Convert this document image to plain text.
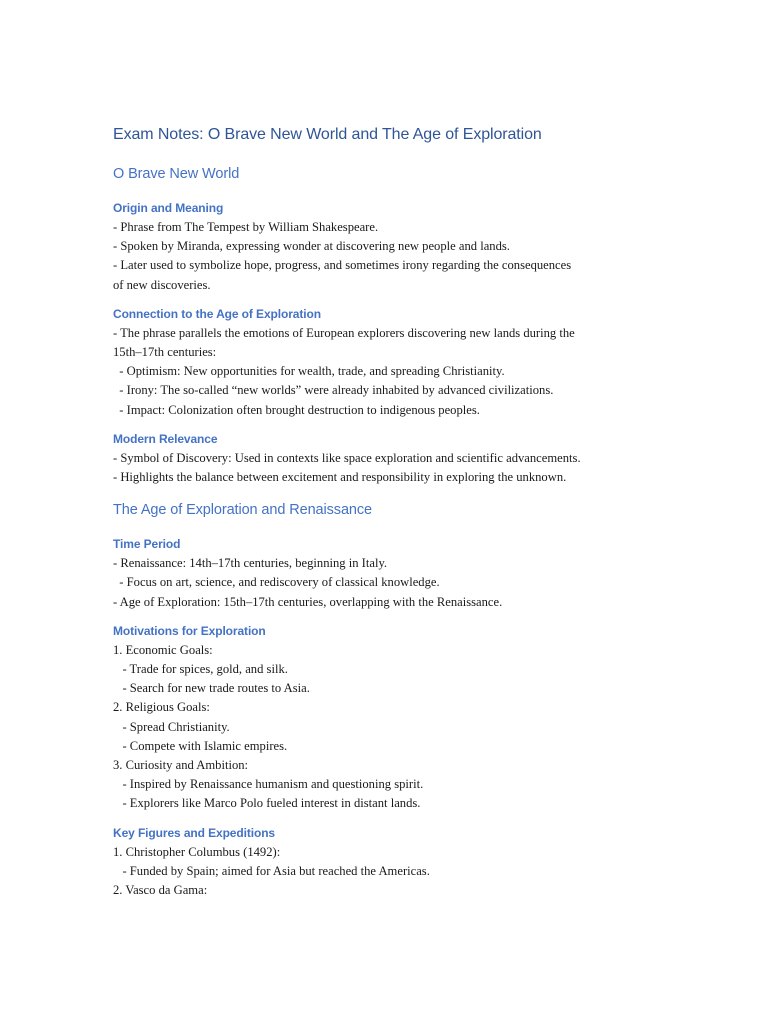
Exam Notes: O Brave New World and The Age of Exploration
O Brave New World
Origin and Meaning
- Phrase from The Tempest by William Shakespeare.
- Spoken by Miranda, expressing wonder at discovering new people and lands.
- Later used to symbolize hope, progress, and sometimes irony regarding the consequences
of new discoveries.
Connection to the Age of Exploration
- The phrase parallels the emotions of European explorers discovering new lands during the
15th–17th centuries:
- Optimism: New opportunities for wealth, trade, and spreading Christianity.
- Irony: The so-called “new worlds” were already inhabited by advanced civilizations.
- Impact: Colonization often brought destruction to indigenous peoples.
Modern Relevance
- Symbol of Discovery: Used in contexts like space exploration and scientific advancements.
- Highlights the balance between excitement and responsibility in exploring the unknown.
The Age of Exploration and Renaissance
Time Period
- Renaissance: 14th–17th centuries, beginning in Italy.
- Focus on art, science, and rediscovery of classical knowledge.
- Age of Exploration: 15th–17th centuries, overlapping with the Renaissance.
Motivations for Exploration
1. Economic Goals:
- Trade for spices, gold, and silk.
- Search for new trade routes to Asia.
2. Religious Goals:
- Spread Christianity.
- Compete with Islamic empires.
3. Curiosity and Ambition:
- Inspired by Renaissance humanism and questioning spirit.
- Explorers like Marco Polo fueled interest in distant lands.
Key Figures and Expeditions
1. Christopher Columbus (1492):
- Funded by Spain; aimed for Asia but reached the Americas.
2. Vasco da Gama:
